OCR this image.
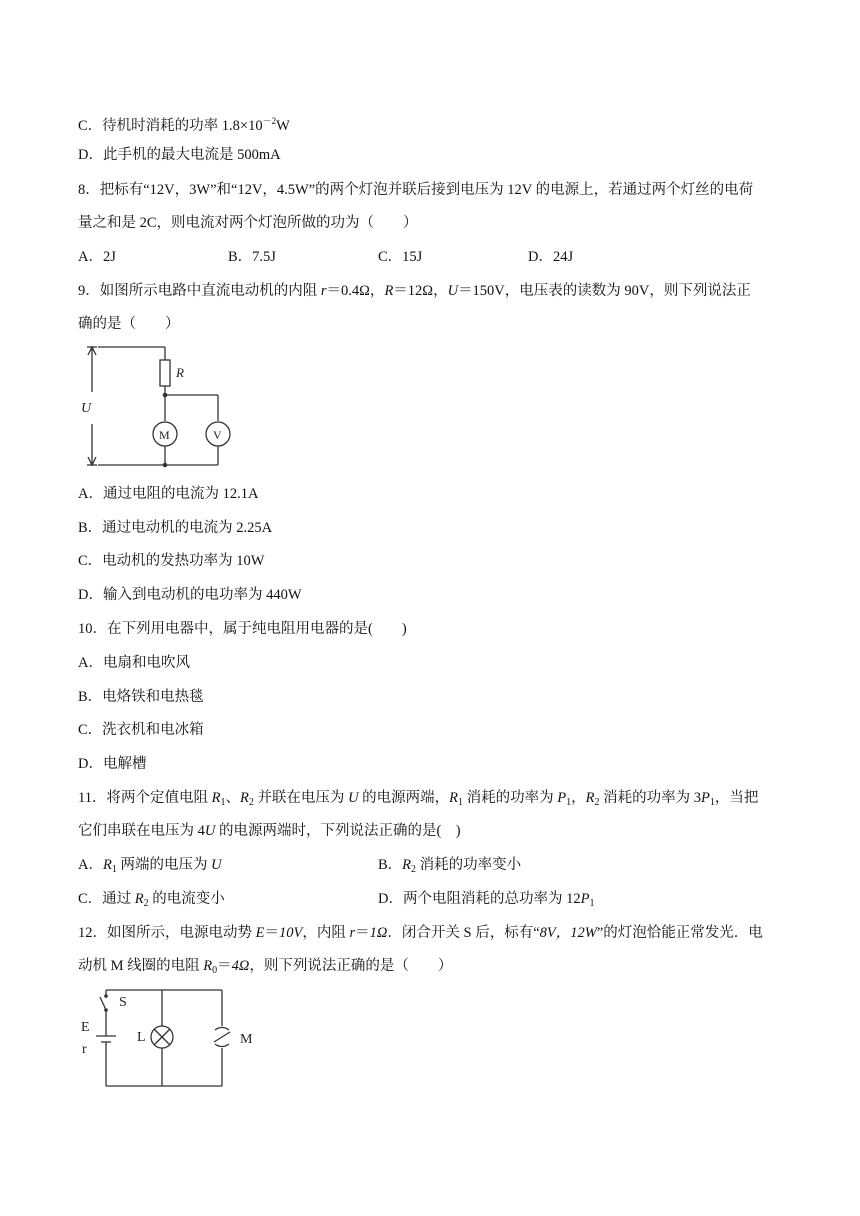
C．待机时消耗的功率 $1.8\times 10^{-2}W$
D．此手机的最大电流是 500mA
8．把标有“12V，3W”和“12V，4.5W”的两个灯泡并联后接到电压为 12V 的电源上，若通过两个灯丝的电荷
量之和是 2C，则电流对两个灯泡所做的功为（　　）
A．2J	B．7.5J	C．15J	D．24J
9．如图所示电路中直流电动机的内阻 r＝0.4Ω，R＝12Ω，U＝150V，电压表的读数为 90V，则下列说法正
确的是（　　）
R
U
M	V
A．通过电阻的电流为 12.1A
B．通过电动机的电流为 2.25A
C．电动机的发热功率为 10W
D．输入到电动机的电功率为 440W
10．在下列用电器中，属于纯电阻用电器的是(　　)
A．电扇和电吹风
B．电烙铁和电热毯
C．洗衣机和电冰箱
D．电解槽
11．将两个定值电阻 $R_1$、$R_2$ 并联在电压为 U 的电源两端，$R_1$ 消耗的功率为 $P_1$，$R_2$ 消耗的功率为 $3P_1$，当把
它们串联在电压为 4U 的电源两端时，下列说法正确的是(　)
A．$R_1$ 两端的电压为 U	B．$R_2$ 消耗的功率变小
C．通过 $R_2$ 的电流变小	D．两个电阻消耗的总功率为 $12P_1$
12．如图所示，电源电动势 E＝10V，内阻 r＝1Ω．闭合开关 S 后，标有“8V，12W”的灯泡恰能正常发光．电
动机 M 线圈的电阻 $R_0=4\Omega$，则下列说法正确的是（　　）
S
E
r
L	M
